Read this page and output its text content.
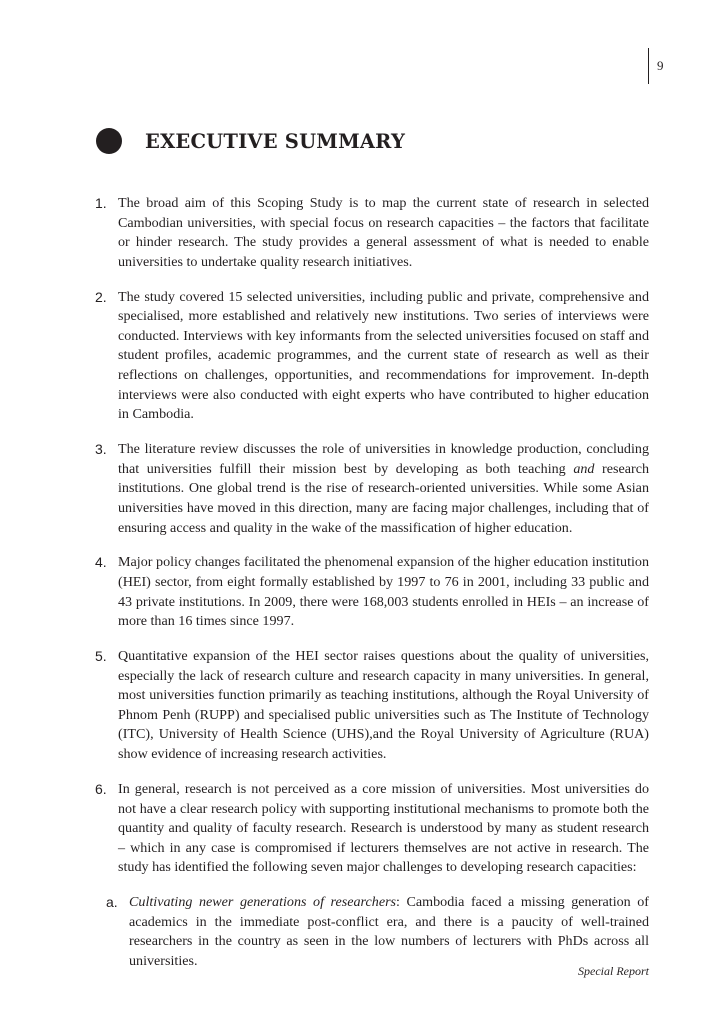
9
EXECUTIVE SUMMARY
1. The broad aim of this Scoping Study is to map the current state of research in selected Cambodian universities, with special focus on research capacities – the factors that facilitate or hinder research. The study provides a general assessment of what is needed to enable universities to undertake quality research initiatives.
2. The study covered 15 selected universities, including public and private, comprehensive and specialised, more established and relatively new institutions. Two series of interviews were conducted. Interviews with key informants from the selected universities focused on staff and student profiles, academic programmes, and the current state of research as well as their reflections on challenges, opportunities, and recommendations for improvement. In-depth interviews were also conducted with eight experts who have contributed to higher education in Cambodia.
3. The literature review discusses the role of universities in knowledge production, concluding that universities fulfill their mission best by developing as both teaching and research institutions. One global trend is the rise of research-oriented universities. While some Asian universities have moved in this direction, many are facing major challenges, including that of ensuring access and quality in the wake of the massification of higher education.
4. Major policy changes facilitated the phenomenal expansion of the higher education institution (HEI) sector, from eight formally established by 1997 to 76 in 2001, including 33 public and 43 private institutions. In 2009, there were 168,003 students enrolled in HEIs – an increase of more than 16 times since 1997.
5. Quantitative expansion of the HEI sector raises questions about the quality of universities, especially the lack of research culture and research capacity in many universities. In general, most universities function primarily as teaching institutions, although the Royal University of Phnom Penh (RUPP) and specialised public universities such as The Institute of Technology (ITC), University of Health Science (UHS),and the Royal University of Agriculture (RUA) show evidence of increasing research activities.
6. In general, research is not perceived as a core mission of universities. Most universities do not have a clear research policy with supporting institutional mechanisms to promote both the quantity and quality of faculty research. Research is understood by many as student research – which in any case is compromised if lecturers themselves are not active in research. The study has identified the following seven major challenges to developing research capacities:
a. Cultivating newer generations of researchers: Cambodia faced a missing generation of academics in the immediate post-conflict era, and there is a paucity of well-trained researchers in the country as seen in the low numbers of lecturers with PhDs across all universities.
Special Report
